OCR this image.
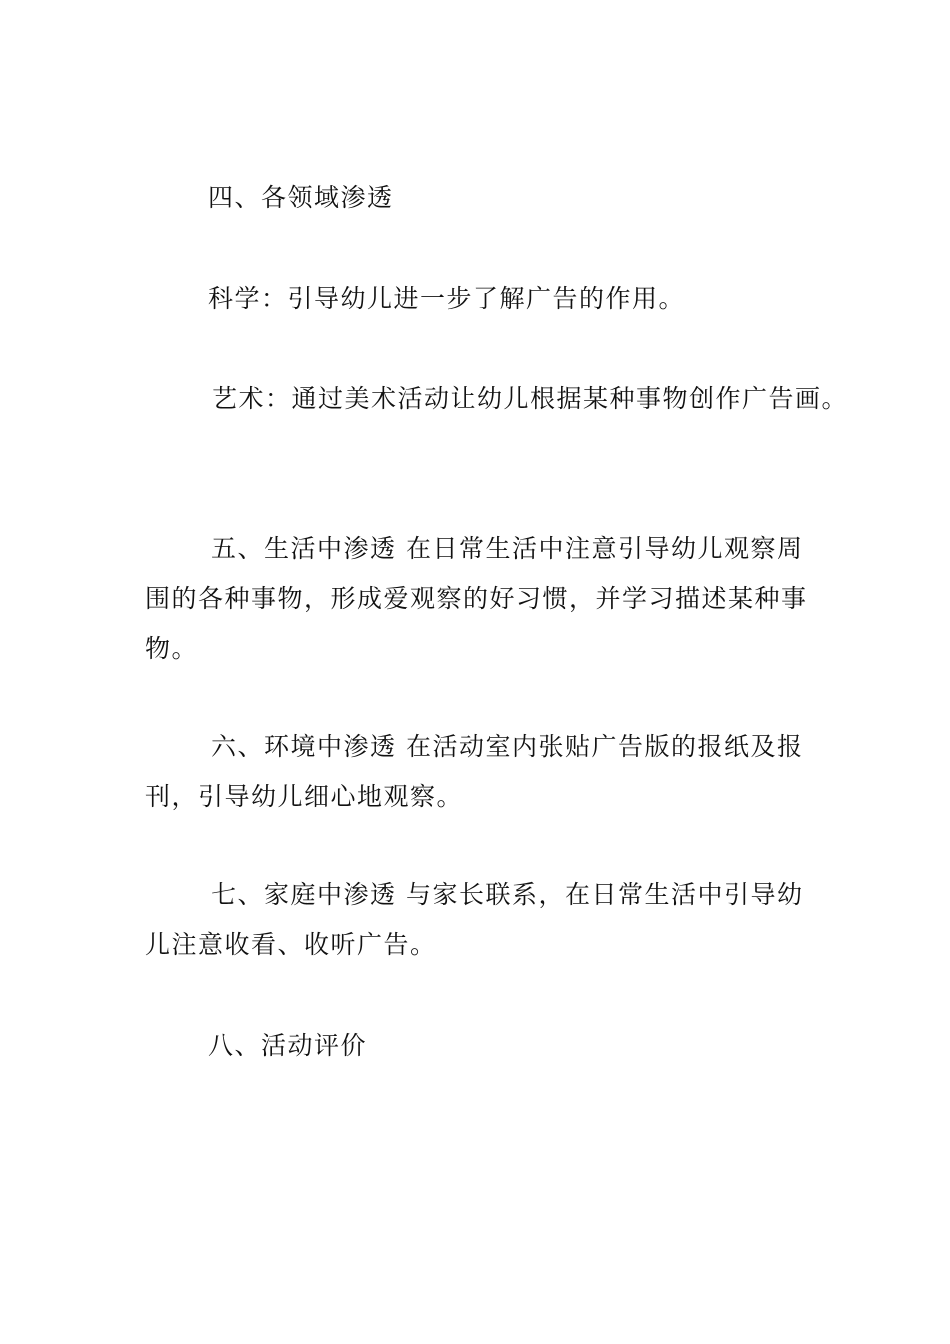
四、各领域渗透
科学：引导幼儿进一步了解广告的作用。
艺术：通过美术活动让幼儿根据某种事物创作广告画。
五、生活中渗透 在日常生活中注意引导幼儿观察周围的各种事物，形成爱观察的好习惯，并学习描述某种事物。
六、环境中渗透 在活动室内张贴广告版的报纸及报刊，引导幼儿细心地观察。
七、家庭中渗透 与家长联系，在日常生活中引导幼儿注意收看、收听广告。
八、活动评价
